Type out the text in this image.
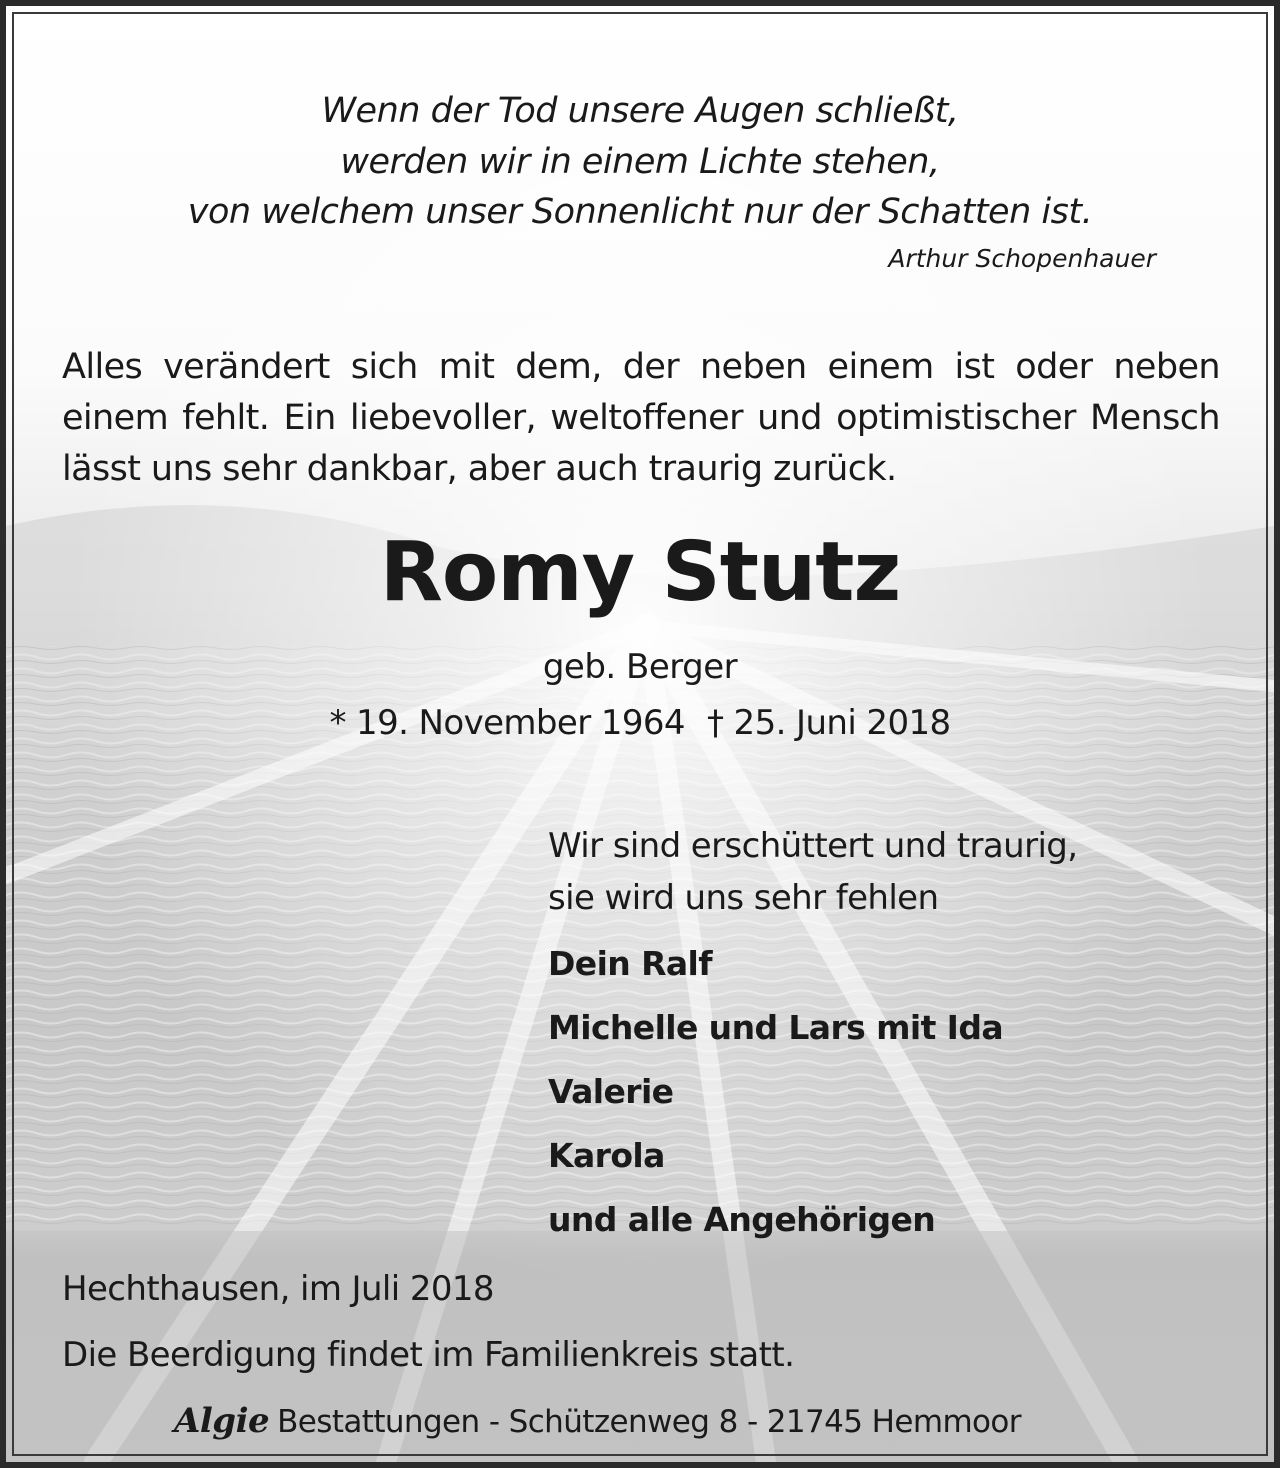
Wenn der Tod unsere Augen schließt,
werden wir in einem Lichte stehen,
von welchem unser Sonnenlicht nur der Schatten ist.
Arthur Schopenhauer

Alles verändert sich mit dem, der neben einem ist oder neben einem fehlt. Ein liebevoller, weltoffener und optimistischer Mensch lässt uns sehr dankbar, aber auch traurig zurück.

Romy Stutz
geb. Berger
* 19. November 1964 † 25. Juni 2018
Wir sind erschüttert und traurig,
sie wird uns sehr fehlen
Dein Ralf
Michelle und Lars mit Ida
Valerie
Karola
und alle Angehörigen
Hechthausen, im Juli 2018
Die Beerdigung findet im Familienkreis statt.
Algie Bestattungen - Schützenweg 8 - 21745 Hemmoor
